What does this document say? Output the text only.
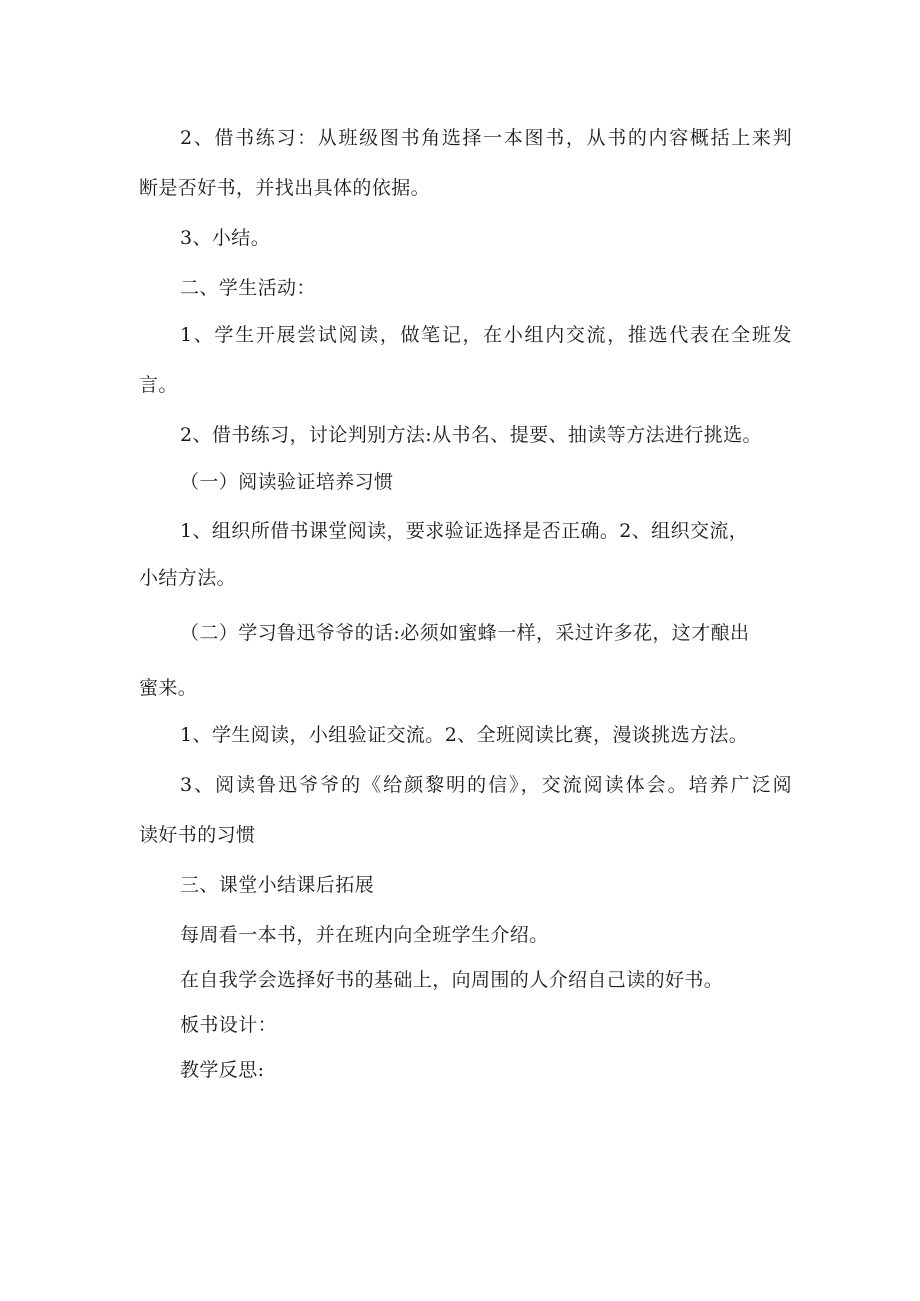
2、借书练习：从班级图书角选择一本图书，从书的内容概括上来判

断是否好书，并找出具体的依据。

3、小结。

二、学生活动：

1、学生开展尝试阅读，做笔记，在小组内交流，推选代表在全班发

言。

2、借书练习，讨论判别方法:从书名、提要、抽读等方法进行挑选。

（一）阅读验证培养习惯

1、组织所借书课堂阅读，要求验证选择是否正确。2、组织交流，

小结方法。

（二）学习鲁迅爷爷的话:必须如蜜蜂一样，采过许多花，这才酿出

蜜来。

1、学生阅读，小组验证交流。2、全班阅读比赛，漫谈挑选方法。

3、阅读鲁迅爷爷的《给颜黎明的信》，交流阅读体会。培养广泛阅

读好书的习惯

三、课堂小结课后拓展

每周看一本书，并在班内向全班学生介绍。

在自我学会选择好书的基础上，向周围的人介绍自己读的好书。

板书设计：

教学反思:
